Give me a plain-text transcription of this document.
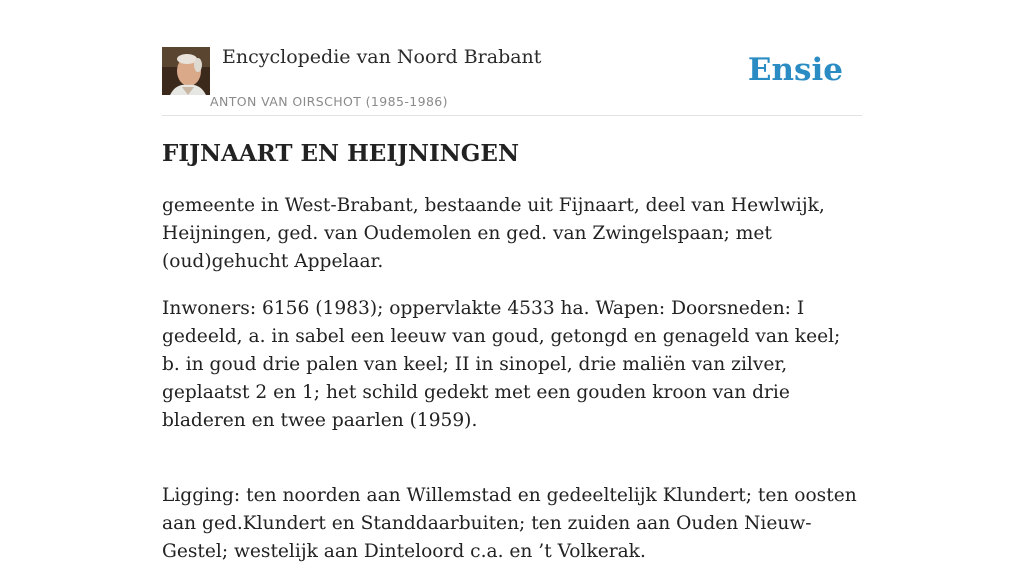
Encyclopedie van Noord Brabant
ANTON VAN OIRSCHOT (1985-1986)
Ensie
FIJNAART EN HEIJNINGEN

gemeente in West-Brabant, bestaande uit Fijnaart, deel van Hewlwijk, Heijningen, ged. van Oudemolen en ged. van Zwingelspaan; met (oud)gehucht Appelaar.

Inwoners: 6156 (1983); oppervlakte 4533 ha. Wapen: Doorsneden: I gedeeld, a. in sabel een leeuw van goud, getongd en genageld van keel; b. in goud drie palen van keel; II in sinopel, drie maliën van zilver, geplaatst 2 en 1; het schild gedekt met een gouden kroon van drie bladeren en twee paarlen (1959).

Ligging: ten noorden aan Willemstad en gedeeltelijk Klundert; ten oosten aan ged.Klundert en Standdaarbuiten; ten zuiden aan Ouden Nieuw-Gestel; westelijk aan Dinteloord c.a. en ’t Volkerak.
